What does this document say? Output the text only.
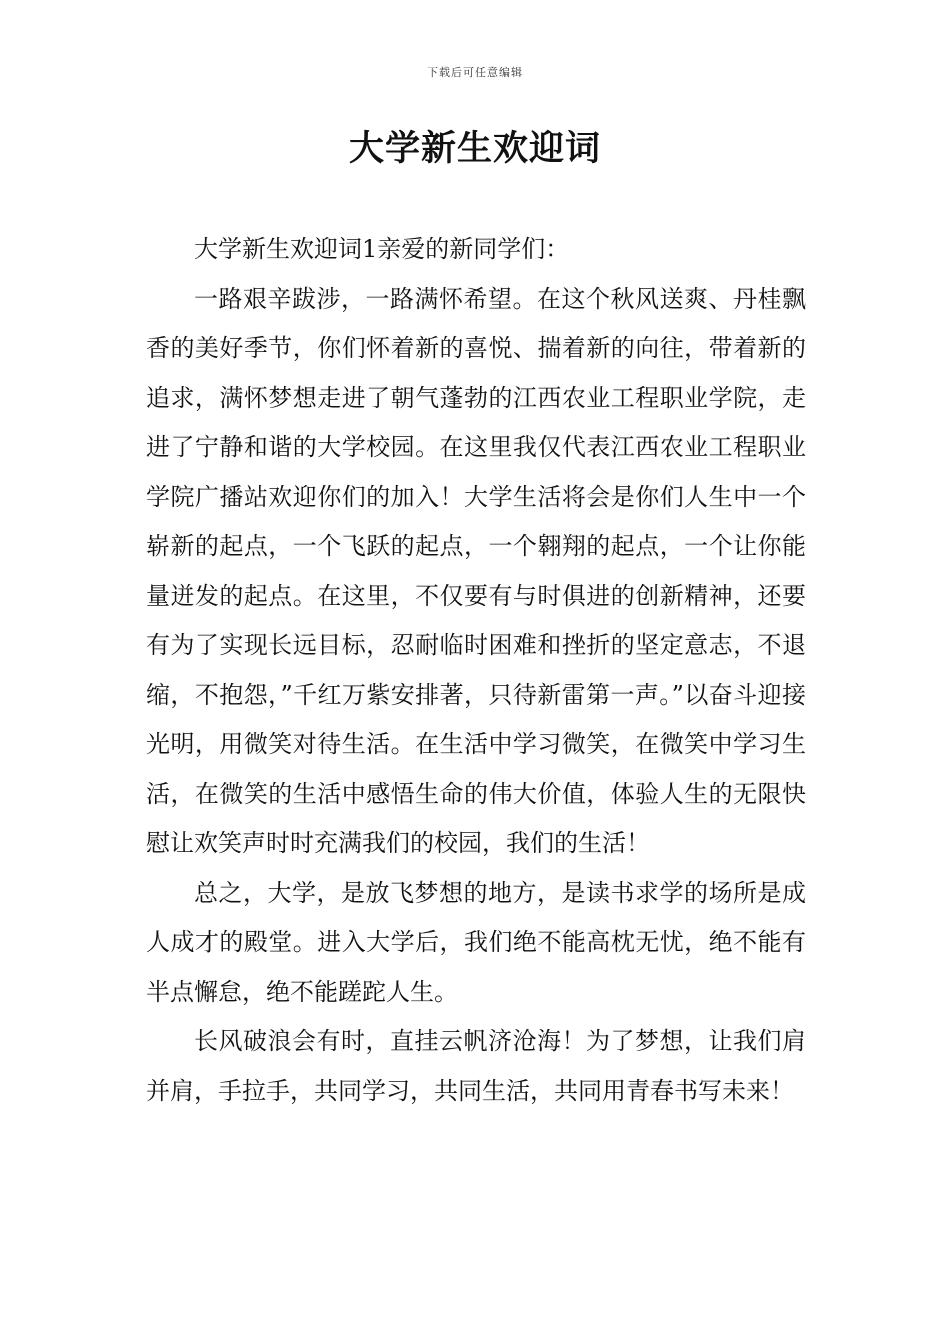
下载后可任意编辑
大学新生欢迎词

大学新生欢迎词1亲爱的新同学们：

一路艰辛跋涉，一路满怀希望。在这个秋风送爽、丹桂飘香的美好季节，你们怀着新的喜悦、揣着新的向往，带着新的追求，满怀梦想走进了朝气蓬勃的江西农业工程职业学院，走进了宁静和谐的大学校园。在这里我仅代表江西农业工程职业学院广播站欢迎你们的加入！大学生活将会是你们人生中一个崭新的起点，一个飞跃的起点，一个翱翔的起点，一个让你能量迸发的起点。在这里，不仅要有与时俱进的创新精神，还要有为了实现长远目标，忍耐临时困难和挫折的坚定意志，不退缩，不抱怨，”千红万紫安排著，只待新雷第一声。”以奋斗迎接光明，用微笑对待生活。在生活中学习微笑，在微笑中学习生活，在微笑的生活中感悟生命的伟大价值，体验人生的无限快慰让欢笑声时时充满我们的校园，我们的生活！

总之，大学，是放飞梦想的地方，是读书求学的场所是成人成才的殿堂。进入大学后，我们绝不能高枕无忧，绝不能有半点懈怠，绝不能蹉跎人生。

长风破浪会有时，直挂云帆济沧海！为了梦想，让我们肩并肩，手拉手，共同学习，共同生活，共同用青春书写未来！
